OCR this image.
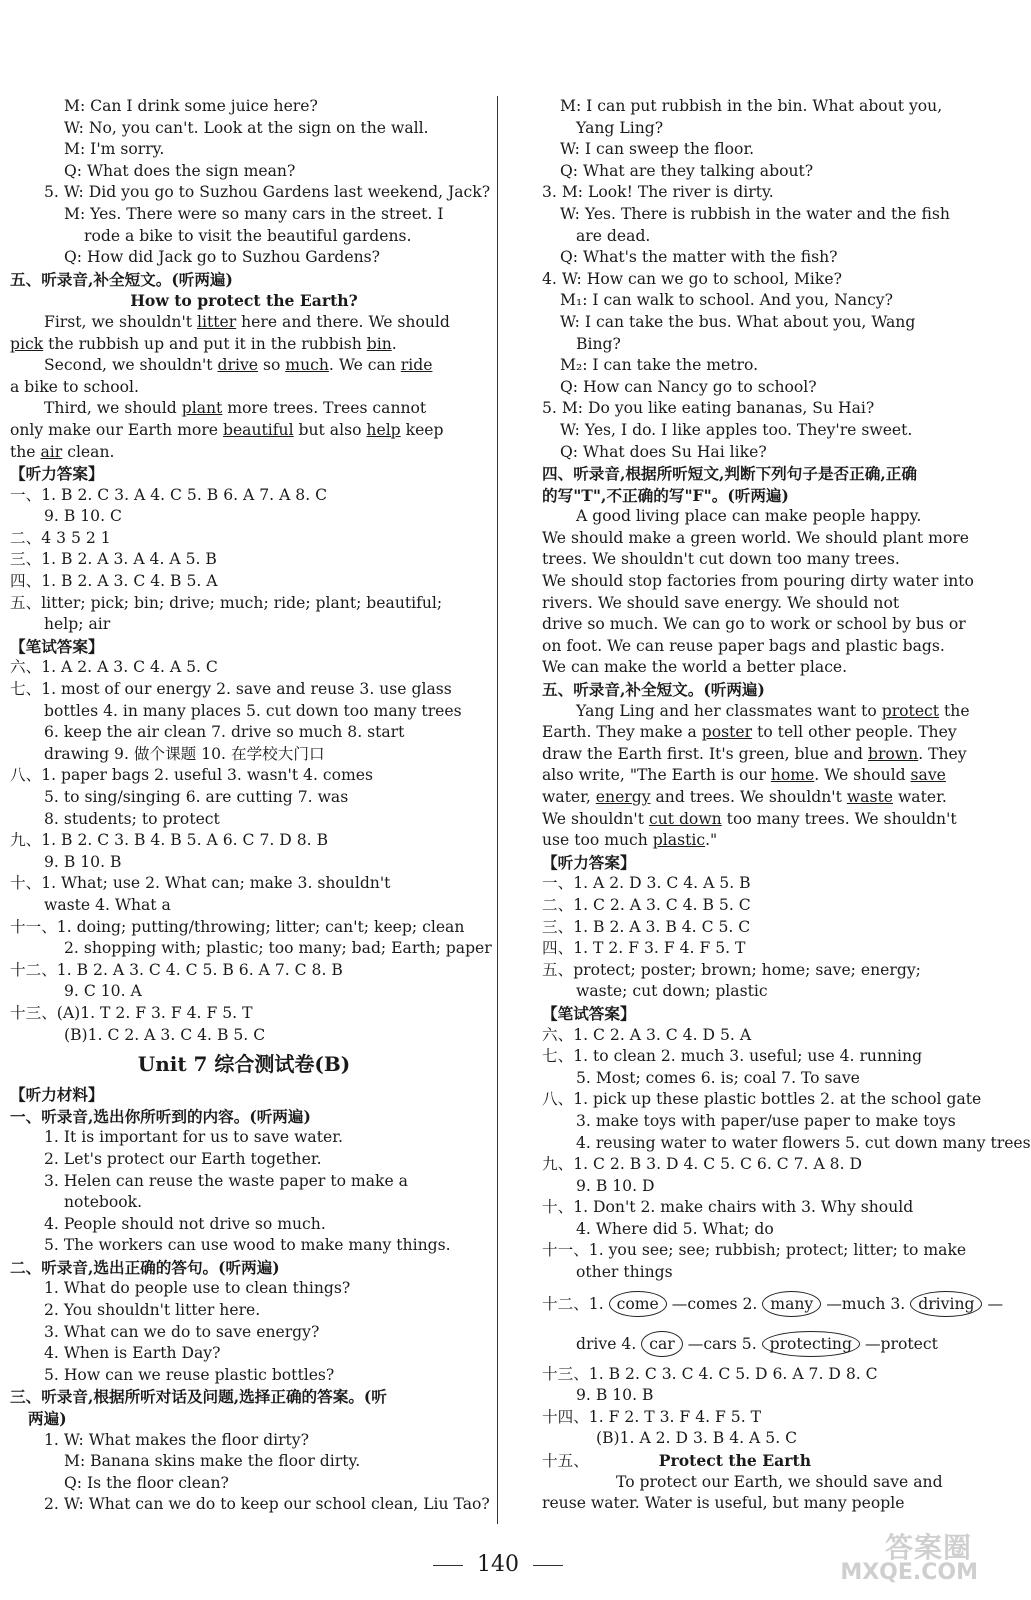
M: Can I drink some juice here?
W: No, you can't. Look at the sign on the wall.
M: I'm sorry.
Q: What does the sign mean?
5. W: Did you go to Suzhou Gardens last weekend, Jack?
M: Yes. There were so many cars in the street. I
rode a bike to visit the beautiful gardens.
Q: How did Jack go to Suzhou Gardens?
五、听录音,补全短文。(听两遍)
How to protect the Earth?
First, we shouldn't litter here and there. We should
pick the rubbish up and put it in the rubbish bin.
Second, we shouldn't drive so much. We can ride
a bike to school.
Third, we should plant more trees. Trees cannot
only make our Earth more beautiful but also help keep
the air clean.
【听力答案】
一、1. B 2. C 3. A 4. C 5. B 6. A 7. A 8. C
9. B 10. C
二、4 3 5 2 1
三、1. B 2. A 3. A 4. A 5. B
四、1. B 2. A 3. C 4. B 5. A
五、litter; pick; bin; drive; much; ride; plant; beautiful;
help; air
【笔试答案】
六、1. A 2. A 3. C 4. A 5. C
七、1. most of our energy 2. save and reuse 3. use glass
bottles 4. in many places 5. cut down too many trees
6. keep the air clean 7. drive so much 8. start
drawing 9. 做个课题 10. 在学校大门口
八、1. paper bags 2. useful 3. wasn't 4. comes
5. to sing/singing 6. are cutting 7. was
8. students; to protect
九、1. B 2. C 3. B 4. B 5. A 6. C 7. D 8. B
9. B 10. B
十、1. What; use 2. What can; make 3. shouldn't
waste 4. What a
十一、1. doing; putting/throwing; litter; can't; keep; clean
2. shopping with; plastic; too many; bad; Earth; paper
十二、1. B 2. A 3. C 4. C 5. B 6. A 7. C 8. B
9. C 10. A
十三、(A)1. T 2. F 3. F 4. F 5. T
(B)1. C 2. A 3. C 4. B 5. C
Unit 7 综合测试卷(B)
【听力材料】
一、听录音,选出你所听到的内容。(听两遍)
1. It is important for us to save water.
2. Let's protect our Earth together.
3. Helen can reuse the waste paper to make a
notebook.
4. People should not drive so much.
5. The workers can use wood to make many things.
二、听录音,选出正确的答句。(听两遍)
1. What do people use to clean things?
2. You shouldn't litter here.
3. What can we do to save energy?
4. When is Earth Day?
5. How can we reuse plastic bottles?
三、听录音,根据所听对话及问题,选择正确的答案。(听
两遍)
1. W: What makes the floor dirty?
M: Banana skins make the floor dirty.
Q: Is the floor clean?
2. W: What can we do to keep our school clean, Liu Tao?
M: I can put rubbish in the bin. What about you,
Yang Ling?
W: I can sweep the floor.
Q: What are they talking about?
3. M: Look! The river is dirty.
W: Yes. There is rubbish in the water and the fish
are dead.
Q: What's the matter with the fish?
4. W: How can we go to school, Mike?
M₁: I can walk to school. And you, Nancy?
W: I can take the bus. What about you, Wang
Bing?
M₂: I can take the metro.
Q: How can Nancy go to school?
5. M: Do you like eating bananas, Su Hai?
W: Yes, I do. I like apples too. They're sweet.
Q: What does Su Hai like?
四、听录音,根据所听短文,判断下列句子是否正确,正确
的写"T",不正确的写"F"。(听两遍)
A good living place can make people happy.
We should make a green world. We should plant more
trees. We shouldn't cut down too many trees.
We should stop factories from pouring dirty water into
rivers. We should save energy. We should not
drive so much. We can go to work or school by bus or
on foot. We can reuse paper bags and plastic bags.
We can make the world a better place.
五、听录音,补全短文。(听两遍)
Yang Ling and her classmates want to protect the
Earth. They make a poster to tell other people. They
draw the Earth first. It's green, blue and brown. They
also write, "The Earth is our home. We should save
water, energy and trees. We shouldn't waste water.
We shouldn't cut down too many trees. We shouldn't
use too much plastic."
【听力答案】
一、1. A 2. D 3. C 4. A 5. B
二、1. C 2. A 3. C 4. B 5. C
三、1. B 2. A 3. B 4. C 5. C
四、1. T 2. F 3. F 4. F 5. T
五、protect; poster; brown; home; save; energy;
waste; cut down; plastic
【笔试答案】
六、1. C 2. A 3. C 4. D 5. A
七、1. to clean 2. much 3. useful; use 4. running
5. Most; comes 6. is; coal 7. To save
八、1. pick up these plastic bottles 2. at the school gate
3. make toys with paper/use paper to make toys
4. reusing water to water flowers 5. cut down many trees
九、1. C 2. B 3. D 4. C 5. C 6. C 7. A 8. D
9. B 10. D
十、1. Don't 2. make chairs with 3. Why should
4. Where did 5. What; do
十一、1. you see; see; rubbish; protect; litter; to make
other things
十二、1. come —comes 2. many —much 3. driving —
drive 4. car —cars 5. protecting —protect
十三、1. B 2. C 3. C 4. C 5. D 6. A 7. D 8. C
9. B 10. B
十四、1. F 2. T 3. F 4. F 5. T
(B)1. A 2. D 3. B 4. A 5. C
十五、	Protect the Earth
To protect our Earth, we should save and
reuse water. Water is useful, but many people
140
答案圈
MXQE.COM
